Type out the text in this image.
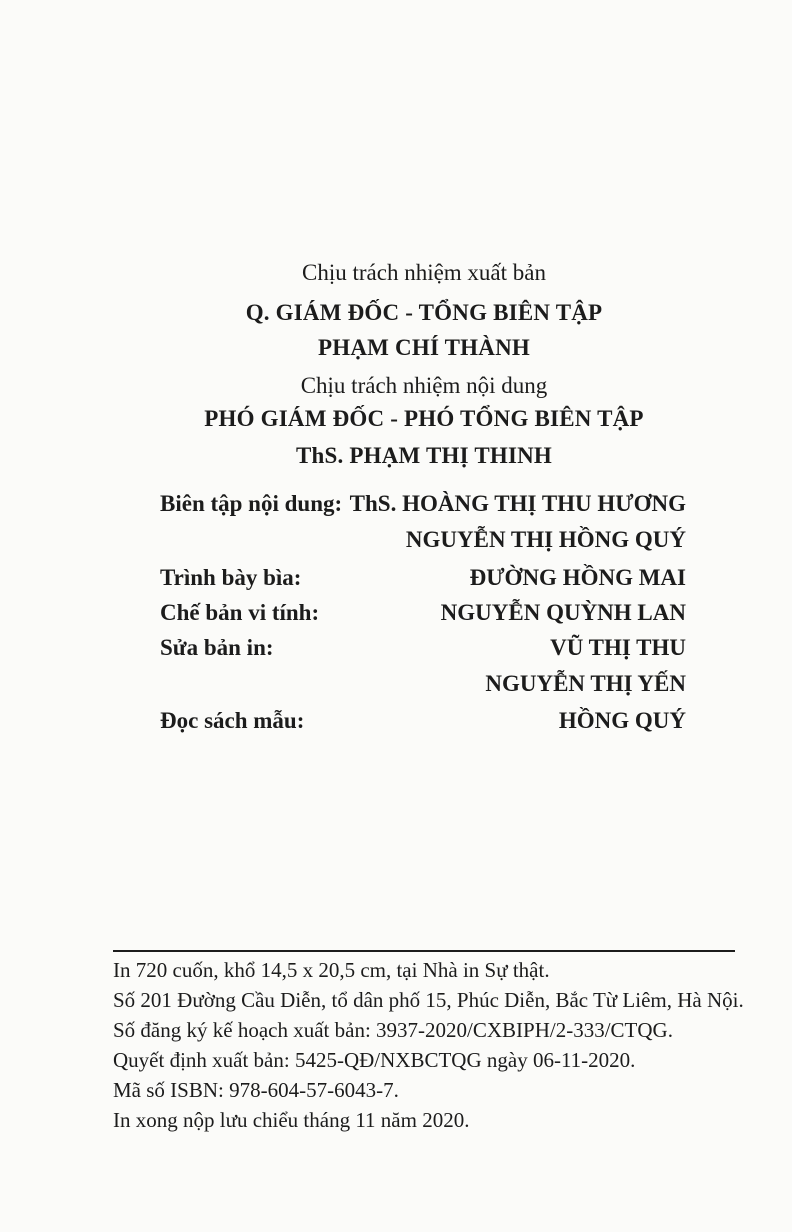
Chịu trách nhiệm xuất bản
Q. GIÁM ĐỐC - TỔNG BIÊN TẬP
PHẠM CHÍ THÀNH
Chịu trách nhiệm nội dung
PHÓ GIÁM ĐỐC - PHÓ TỔNG BIÊN TẬP
ThS. PHẠM THỊ THINH
Biên tập nội dung: ThS. HOÀNG THỊ THU HƯƠNG
NGUYỄN THỊ HỒNG QUÝ
Trình bày bìa:	ĐƯỜNG HỒNG MAI
Chế bản vi tính:	NGUYỄN QUỲNH LAN
Sửa bản in:	VŨ THỊ THU
NGUYỄN THỊ YẾN
Đọc sách mẫu:	HỒNG QUÝ
In 720 cuốn, khổ 14,5 x 20,5 cm, tại Nhà in Sự thật.
Số 201 Đường Cầu Diễn, tổ dân phố 15, Phúc Diễn, Bắc Từ Liêm, Hà Nội.
Số đăng ký kế hoạch xuất bản: 3937-2020/CXBIPH/2-333/CTQG.
Quyết định xuất bản: 5425-QĐ/NXBCTQG ngày 06-11-2020.
Mã số ISBN: 978-604-57-6043-7.
In xong nộp lưu chiểu tháng 11 năm 2020.
